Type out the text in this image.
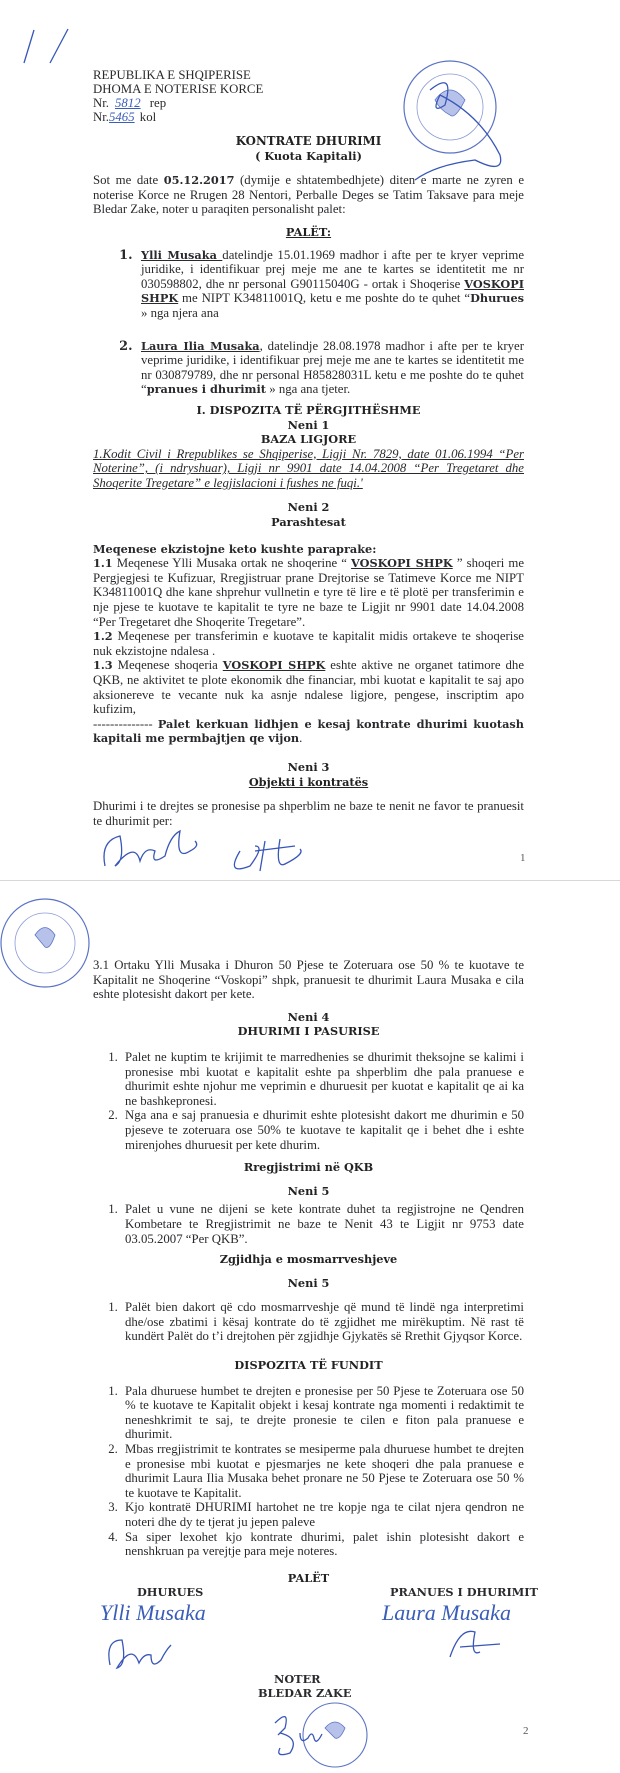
REPUBLIKA E SHQIPERISE
DHOMA E NOTERISE KORCE
Nr. 5812 rep
Nr.5465 kol
KONTRATE DHURIMI
( Kuota Kapitali)
Sot me date 05.12.2017 (dymije e shtatembedhjete) diten e marte ne zyren e noterise Korce ne Rrugen 28 Nentori, Perballe Deges se Tatim Taksave para meje Bledar Zake, noter u paraqiten personalisht palet:
PALËT:
1. Ylli Musaka datelindje 15.01.1969 madhor i afte per te kryer veprime juridike, i identifikuar prej meje me ane te kartes se identitetit me nr 030598802, dhe nr personal G90115040G - ortak i Shoqerise VOSKOPI SHPK me NIPT K34811001Q, ketu e me poshte do te quhet “Dhurues » nga njera ana
2. Laura Ilia Musaka, datelindje 28.08.1978 madhor i afte per te kryer veprime juridike, i identifikuar prej meje me ane te kartes se identitetit me nr 030879789, dhe nr personal H85828031L ketu e me poshte do te quhet “pranues i dhurimit » nga ana tjeter.
I. DISPOZITA TË PËRGJITHËSHME
Neni 1
BAZA LIGJORE
1.Kodit Civil i Rrepublikes se Shqiperise, Ligji Nr. 7829, date 01.06.1994 “Per Noterine”, (i ndryshuar), Ligji nr 9901 date 14.04.2008 “Per Tregetaret dhe Shoqerite Tregetare” e legjislacioni i fushes ne fuqi.'
Neni 2
Parashtesat
Meqenese ekzistojne keto kushte paraprake:
1.1 Meqenese Ylli Musaka ortak ne shoqerine “ VOSKOPI SHPK ” shoqeri me Pergjegjesi te Kufizuar, Rregjistruar prane Drejtorise se Tatimeve Korce me NIPT K34811001Q dhe kane shprehur vullnetin e tyre të lire e të plotë per transferimin e nje pjese te kuotave te kapitalit te tyre ne baze te Ligjit nr 9901 date 14.04.2008 “Per Tregetaret dhe Shoqerite Tregetare”.
1.2 Meqenese per transferimin e kuotave te kapitalit midis ortakeve te shoqerise nuk ekzistojne ndalesa .
1.3 Meqenese shoqeria VOSKOPI SHPK eshte aktive ne organet tatimore dhe QKB, ne aktivitet te plote ekonomik dhe financiar, mbi kuotat e kapitalit te saj apo aksionereve te vecante nuk ka asnje ndalese ligjore, pengese, inscriptim apo kufizim,
-------------- Palet kerkuan lidhjen e kesaj kontrate dhurimi kuotash kapitali me permbajtjen qe vijon.
Neni 3
Objekti i kontratës
Dhurimi i te drejtes se pronesise pa shperblim ne baze te nenit ne favor te pranuesit te dhurimit per:
1
3.1 Ortaku Ylli Musaka i Dhuron 50 Pjese te Zoteruara ose 50 % te kuotave te Kapitalit ne Shoqerine “Voskopi” shpk, pranuesit te dhurimit Laura Musaka e cila eshte plotesisht dakort per kete.
Neni 4
DHURIMI I PASURISE
1. Palet ne kuptim te krijimit te marredhenies se dhurimit theksojne se kalimi i pronesise mbi kuotat e kapitalit eshte pa shperblim dhe pala pranuese e dhurimit eshte njohur me veprimin e dhuruesit per kuotat e kapitalit qe ai ka ne bashkepronesi.
2. Nga ana e saj pranuesia e dhurimit eshte plotesisht dakort me dhurimin e 50 pjeseve te zoteruara ose 50% te kuotave te kapitalit qe i behet dhe i eshte mirenjohes dhuruesit per kete dhurim.
Rregjistrimi në QKB
Neni 5
1. Palet u vune ne dijeni se kete kontrate duhet ta regjistrojne ne Qendren Kombetare te Rregjistrimit ne baze te Nenit 43 te Ligjit nr 9753 date 03.05.2007 “Per QKB”.
Zgjidhja e mosmarrveshjeve
Neni 5
1. Palët bien dakort që cdo mosmarrveshje që mund të lindë nga interpretimi dhe/ose zbatimi i kësaj kontrate do të zgjidhet me mirëkuptim. Në rast të kundërt Palët do t’i drejtohen për zgjidhje Gjykatës së Rrethit Gjyqsor Korce.
DISPOZITA TË FUNDIT
1. Pala dhuruese humbet te drejten e pronesise per 50 Pjese te Zoteruara ose 50 % te kuotave te Kapitalit objekt i kesaj kontrate nga momenti i redaktimit te neneshkrimit te saj, te drejte pronesie te cilen e fiton pala pranuese e dhurimit.
2. Mbas rregjistrimit te kontrates se mesiperme pala dhuruese humbet te drejten e pronesise mbi kuotat e pjesmarjes ne kete shoqeri dhe pala pranuese e dhurimit Laura Ilia Musaka behet pronare ne 50 Pjese te Zoteruara ose 50 % te kuotave te Kapitalit.
3. Kjo kontratë DHURIMI hartohet ne tre kopje nga te cilat njera qendron ne noteri dhe dy te tjerat ju jepen paleve
4. Sa siper lexohet kjo kontrate dhurimi, palet ishin plotesisht dakort e nenshkruan pa verejtje para meje noteres.
PALËT
DHURUES	PRANUES I DHURIMIT
Ylli Musaka	Laura Musaka
NOTER
BLEDAR ZAKE
2
